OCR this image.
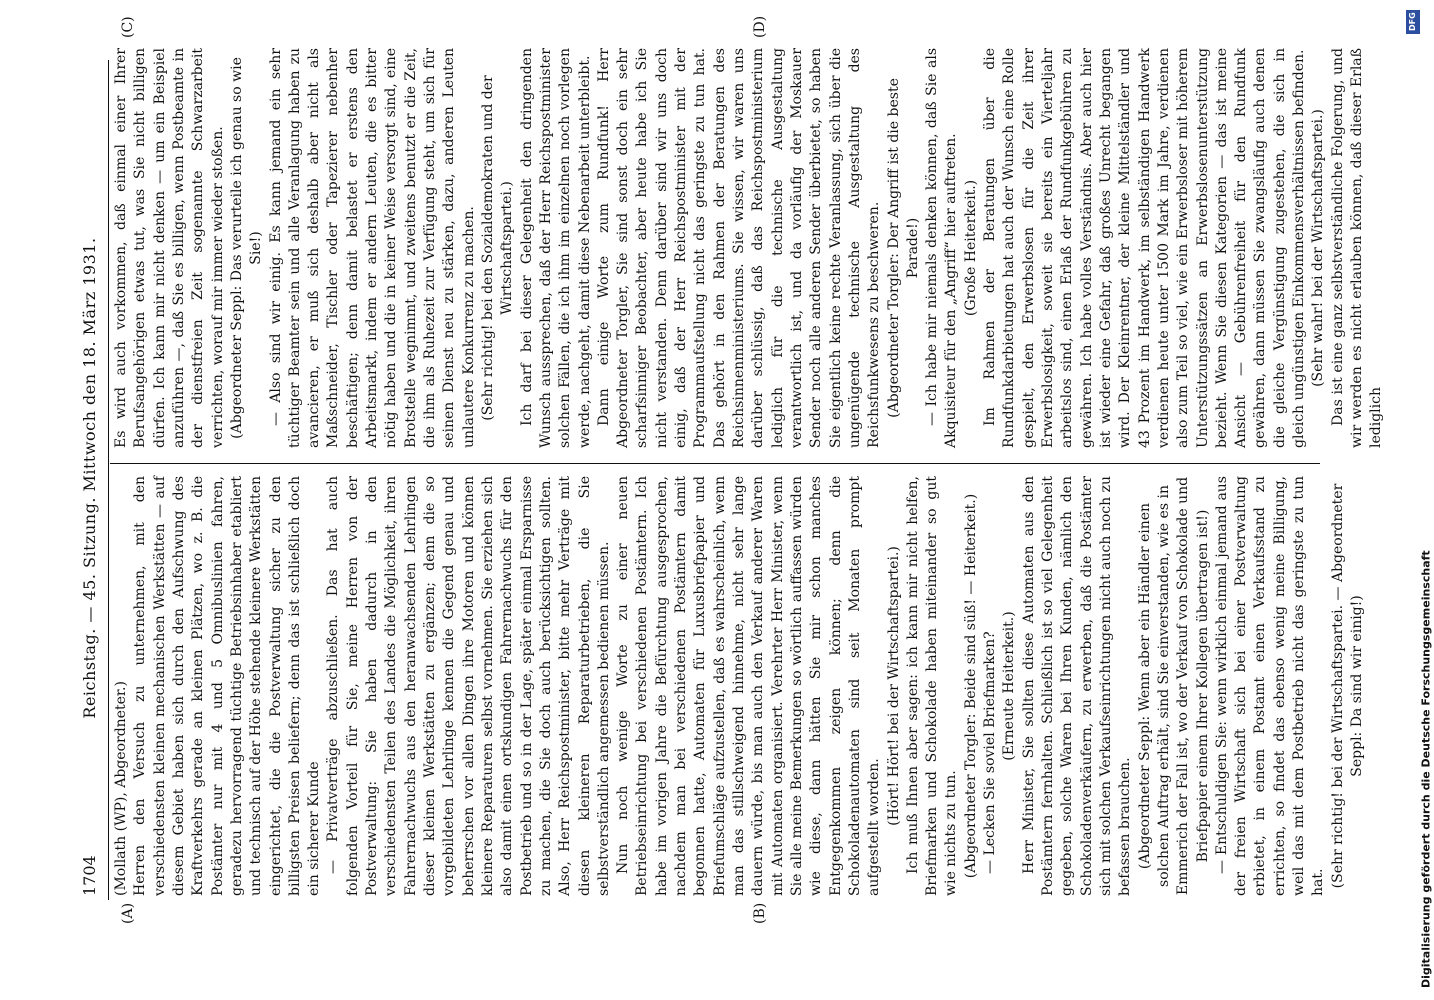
1704
Reichstag. — 45. Sitzung. Mittwoch den 18. März 1931.
(A)	(B)
(C)	(D)

(Mollath (WP), Abgeordneter.) Herren den Versuch zu unternehmen, mit den verschiedensten kleinen mechanischen Werkstätten — auf diesem Gebiet haben sich durch den Aufschwung des Kraftverkehrs gerade an kleinen Plätzen, wo z. B. die Postämter nur mit 4 und 5 Omnibuslinien fahren, geradezu hervorragend tüchtige Betriebsinhaber etabliert und technisch auf der Höhe stehende kleinere Werkstätten eingerichtet, die die Postverwaltung sicher zu den billigsten Preisen beliefern; denn das ist schließlich doch ein sicherer Kunde — Privatverträge abzuschließen. Das hat auch folgenden Vorteil für Sie, meine Herren von der Postverwaltung: Sie haben dadurch in den verschiedensten Teilen des Landes die Möglichkeit, ihren Fahrernachwuchs aus den heranwachsenden Lehrlingen dieser kleinen Werkstätten zu ergänzen; denn die so vorgebildeten Lehrlinge kennen die Gegend genau und beherrschen vor allen Dingen ihre Motoren und können kleinere Reparaturen selbst vornehmen. Sie erziehen sich also damit einen ortskundigen Fahrernachwuchs für den Postbetrieb und so in der Lage, später einmal Ersparnisse zu machen, die Sie doch auch berücksichtigen sollten. Also, Herr Reichspostminister, bitte mehr Verträge mit diesen kleineren Reparaturbetrieben, die Sie selbstverständlich angemessen bedienen müssen. Nun noch wenige Worte zu einer neuen Betriebseinrichtung bei verschiedenen Postämtern. Ich habe im vorigen Jahre die Befürchtung ausgesprochen, nachdem man bei verschiedenen Postämtern damit begonnen hatte, Automaten für Luxusbriefpapier und Briefumschläge aufzustellen, daß es wahrscheinlich, wenn man das stillschweigend hinnehme, nicht sehr lange dauern würde, bis man auch den Verkauf anderer Waren mit Automaten organisiert. Verehrter Herr Minister, wenn Sie alle meine Bemerkungen so wörtlich auffassen würden wie diese, dann hätten Sie mir schon manches Entgegenkommen zeigen können; denn die Schokoladenautomaten sind seit Monaten prompt aufgestellt worden.

(Hört! Hört! bei der Wirtschaftspartei.) Ich muß Ihnen aber sagen: ich kann mir nicht helfen, Briefmarken und Schokolade haben miteinander so gut wie nichts zu tun. (Abgeordneter Torgler: Beide sind süß! — Heiterkeit.) — Lecken Sie soviel Briefmarken? (Erneute Heiterkeit.) Herr Minister, Sie sollten diese Automaten aus den Postämtern fernhalten. Schließlich ist so viel Gelegenheit gegeben, solche Waren bei Ihren Kunden, nämlich den Schokoladenverkäufern, zu erwerben, daß die Postämter sich mit solchen Verkaufseinrichtungen nicht auch noch zu befassen brauchen. (Abgeordneter Seppl: Wenn aber ein Händler einen solchen Auftrag erhält, sind Sie einverstanden, wie es in Emmerich der Fall ist, wo der Verkauf von Schokolade und Briefpapier einem Ihrer Kollegen übertragen ist!) — Entschuldigen Sie: wenn wirklich einmal jemand aus der freien Wirtschaft sich bei einer Postverwaltung erbietet, in einem Postamt einen Verkaufsstand zu errichten, so findet das ebenso wenig meine Billigung, weil das mit dem Postbetrieb nicht das geringste zu tun hat. (Sehr richtig! bei der Wirtschaftspartei. — Abgeordneter Seppl: Da sind wir einig!)

Es wird auch vorkommen, daß einmal einer Ihrer Berufsangehörigen etwas tut, was Sie nicht billigen dürfen. Ich kann mir nicht denken — um ein Beispiel anzuführen —, daß Sie es billigen, wenn Postbeamte in der dienstfreien Zeit sogenannte Schwarzarbeit verrichten, worauf mir immer wieder stoßen. (Abgeordneter Seppl: Das verurteile ich genau so wie Sie!) — Also sind wir einig. Es kann jemand ein sehr tüchtiger Beamter sein und alle Veranlagung haben zu avancieren, er muß sich deshalb aber nicht als Maßschneider, Tischler oder Tapezierer nebenher beschäftigen; denn damit belastet er erstens den Arbeitsmarkt, indem er andern Leuten, die es bitter nötig haben und die in keiner Weise versorgt sind, eine Brotstelle wegnimmt, und zweitens benutzt er die Zeit, die ihm als Ruhezeit zur Verfügung steht, um sich für seinen Dienst neu zu stärken, dazu, anderen Leuten unlautere Konkurrenz zu machen. (Sehr richtig! bei den Sozialdemokraten und der Wirtschaftspartei.) Ich darf bei dieser Gelegenheit den dringenden Wunsch aussprechen, daß der Herr Reichspostminister solchen Fällen, die ich ihm im einzelnen noch vorlegen werde, nachgeht, damit diese Nebenarbeit unterbleibt. Dann einige Worte zum Rundfunk! Herr Abgeordneter Torgler, Sie sind sonst doch ein sehr scharfsinniger Beobachter, aber heute habe ich Sie nicht verstanden. Denn darüber sind wir uns doch einig, daß der Herr Reichspostminister mit der Programmaufstellung nicht das geringste zu tun hat. Das gehört in den Rahmen der Beratungen des Reichsinnenministeriums. Sie wissen, wir waren uns darüber schlüssig, daß das Reichspostministerium lediglich für die technische Ausgestaltung verantwortlich ist, und da vorläufig der Moskauer Sender noch alle anderen Sender überbietet, so haben Sie eigentlich keine rechte Veranlassung, sich über die ungenügende technische Ausgestaltung des Reichsfunkwesens zu beschweren. (Abgeordneter Torgler: Der Angriff ist die beste Parade!) — Ich habe mir niemals denken können, daß Sie als Akquisiteur für den „Angriff“ hier auftreten. (Große Heiterkeit.) Im Rahmen der Beratungen über die Rundfunkdarbietungen hat auch der Wunsch eine Rolle gespielt, den Erwerbslosen für die Zeit ihrer Erwerbslosigkeit, soweit sie bereits ein Vierteljahr arbeitslos sind, einen Erlaß der Rundfunkgebühren zu gewähren. Ich habe volles Verständnis. Aber auch hier ist wieder eine Gefahr, daß großes Unrecht begangen wird. Der Kleinrentner, der kleine Mittelständler und 43 Prozent im Handwerk, im selbständigen Handwerk verdienen heute unter 1500 Mark im Jahre, verdienen also zum Teil so viel, wie ein Erwerbsloser mit höherem Unterstützungssätzen an Erwerbslosenunterstützung bezieht. Wenn Sie diesen Kategorien — das ist meine Ansicht — Gebührenfreiheit für den Rundfunk gewähren, dann müssen Sie zwangsläufig auch denen die gleiche Vergünstigung zugestehen, die sich in gleich ungünstigen Einkommensverhältnissen befinden. (Sehr wahr! bei der Wirtschaftspartei.) Das ist eine ganz selbstverständliche Folgerung, und wir werden es nicht erlauben können, daß dieser Erlaß lediglich

DFG
Digitalisierung gefördert durch die Deutsche Forschungsgemeinschaft
